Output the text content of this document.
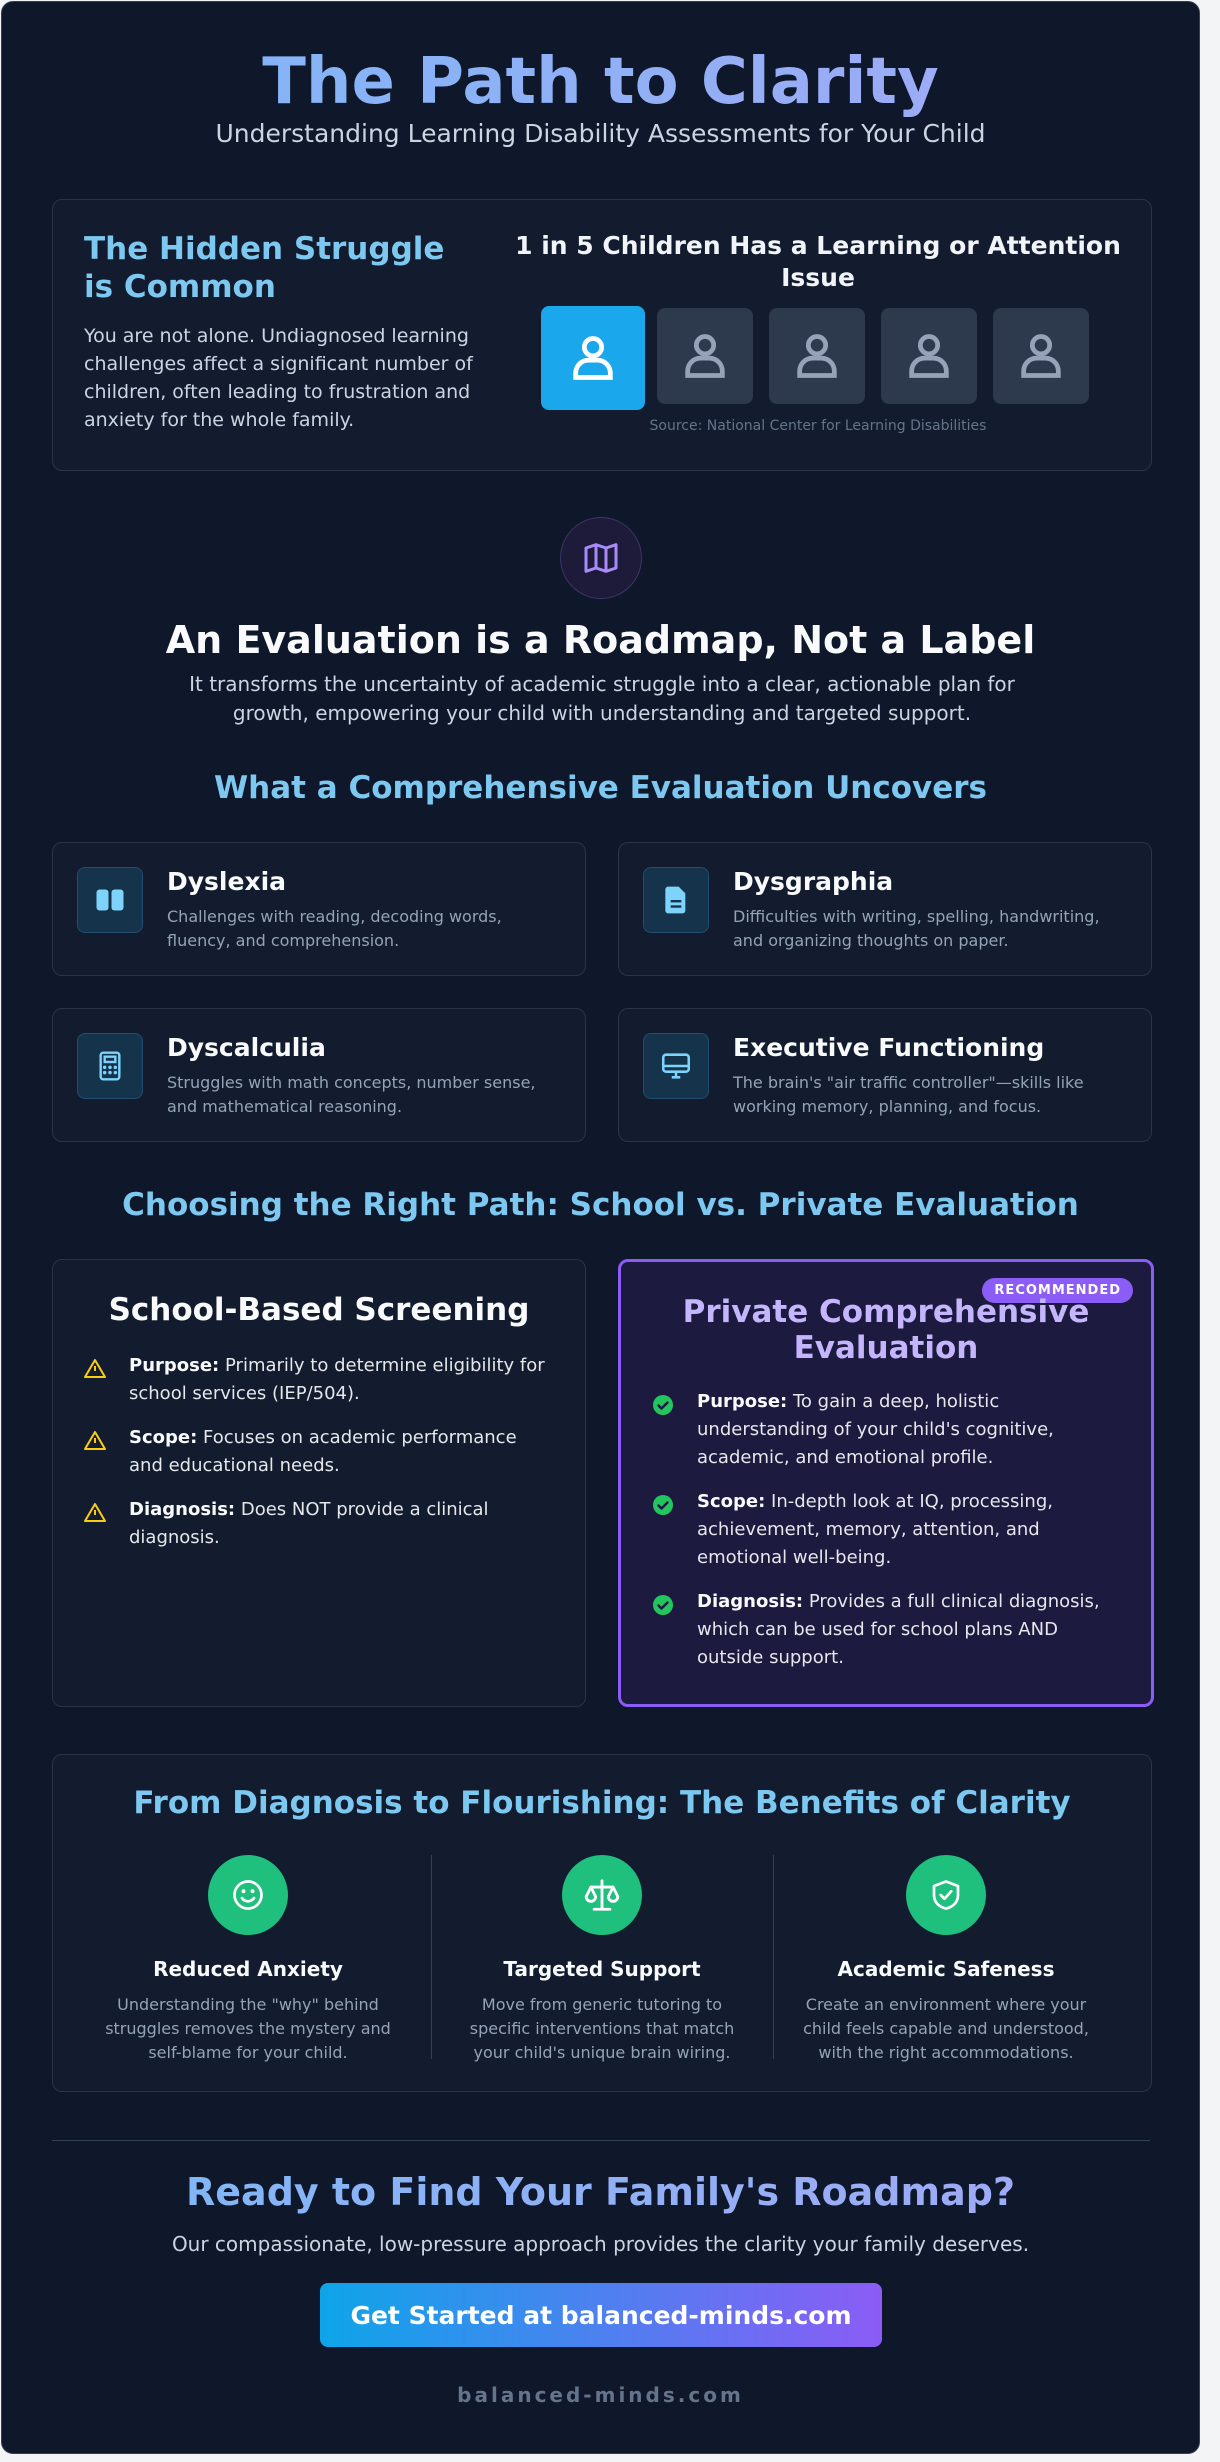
The Path to Clarity
Understanding Learning Disability Assessments for Your Child
The Hidden Struggle is Common
You are not alone. Undiagnosed learning challenges affect a significant number of children, often leading to frustration and anxiety for the whole family.
1 in 5 Children Has a Learning or Attention Issue
Source: National Center for Learning Disabilities
An Evaluation is a Roadmap, Not a Label
It transforms the uncertainty of academic struggle into a clear, actionable plan for growth, empowering your child with understanding and targeted support.
What a Comprehensive Evaluation Uncovers
Dyslexia
Challenges with reading, decoding words, fluency, and comprehension.
Dysgraphia
Difficulties with writing, spelling, handwriting, and organizing thoughts on paper.
Dyscalculia
Struggles with math concepts, number sense, and mathematical reasoning.
Executive Functioning
The brain's "air traffic controller"—skills like working memory, planning, and focus.
Choosing the Right Path: School vs. Private Evaluation
School-Based Screening
Purpose: Primarily to determine eligibility for school services (IEP/504).
Scope: Focuses on academic performance and educational needs.
Diagnosis: Does NOT provide a clinical diagnosis.
RECOMMENDED
Private Comprehensive Evaluation
Purpose: To gain a deep, holistic understanding of your child's cognitive, academic, and emotional profile.
Scope: In-depth look at IQ, processing, achievement, memory, attention, and emotional well-being.
Diagnosis: Provides a full clinical diagnosis, which can be used for school plans AND outside support.
From Diagnosis to Flourishing: The Benefits of Clarity
Reduced Anxiety
Understanding the "why" behind struggles removes the mystery and self-blame for your child.
Targeted Support
Move from generic tutoring to specific interventions that match your child's unique brain wiring.
Academic Safeness
Create an environment where your child feels capable and understood, with the right accommodations.
Ready to Find Your Family's Roadmap?
Our compassionate, low-pressure approach provides the clarity your family deserves.
Get Started at balanced-minds.com
balanced-minds.com
